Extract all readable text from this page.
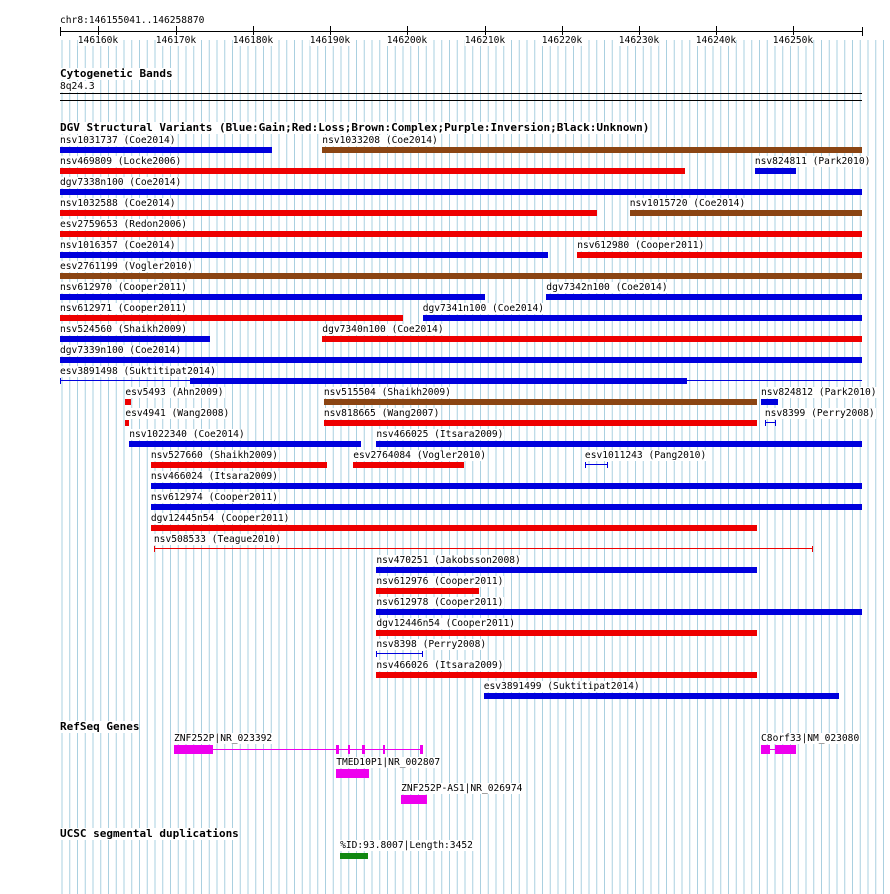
chr8:146155041..146258870
146160k	146170k	146180k	146190k	146200k	146210k	146220k	146230k	146240k	146250k
Cytogenetic Bands
8q24.3
DGV Structural Variants (Blue:Gain;Red:Loss;Brown:Complex;Purple:Inversion;Black:Unknown)
nsv1031737 (Coe2014)	nsv1033208 (Coe2014)
nsv469809 (Locke2006)	nsv824811 (Park2010)
dgv7338n100 (Coe2014)
nsv1032588 (Coe2014)	nsv1015720 (Coe2014)
esv2759653 (Redon2006)
nsv1016357 (Coe2014)	nsv612980 (Cooper2011)
esv2761199 (Vogler2010)
nsv612970 (Cooper2011)	dgv7342n100 (Coe2014)
nsv612971 (Cooper2011)	dgv7341n100 (Coe2014)
nsv524560 (Shaikh2009)	dgv7340n100 (Coe2014)
dgv7339n100 (Coe2014)
esv3891498 (Suktitipat2014)
esv5493 (Ahn2009)	nsv515504 (Shaikh2009)	nsv824812 (Park2010)
esv4941 (Wang2008)	nsv818665 (Wang2007)	nsv8399 (Perry2008)
nsv1022340 (Coe2014)	nsv466025 (Itsara2009)
nsv527660 (Shaikh2009)	esv2764084 (Vogler2010)	esv1011243 (Pang2010)
nsv466024 (Itsara2009)
nsv612974 (Cooper2011)
dgv12445n54 (Cooper2011)
nsv508533 (Teague2010)
nsv470251 (Jakobsson2008)
nsv612976 (Cooper2011)
nsv612978 (Cooper2011)
dgv12446n54 (Cooper2011)
nsv8398 (Perry2008)
nsv466026 (Itsara2009)
esv3891499 (Suktitipat2014)
RefSeq Genes
ZNF252P|NR_023392	C8orf33|NM_023080
TMED10P1|NR_002807
ZNF252P-AS1|NR_026974
UCSC segmental duplications
%ID:93.8007|Length:3452
